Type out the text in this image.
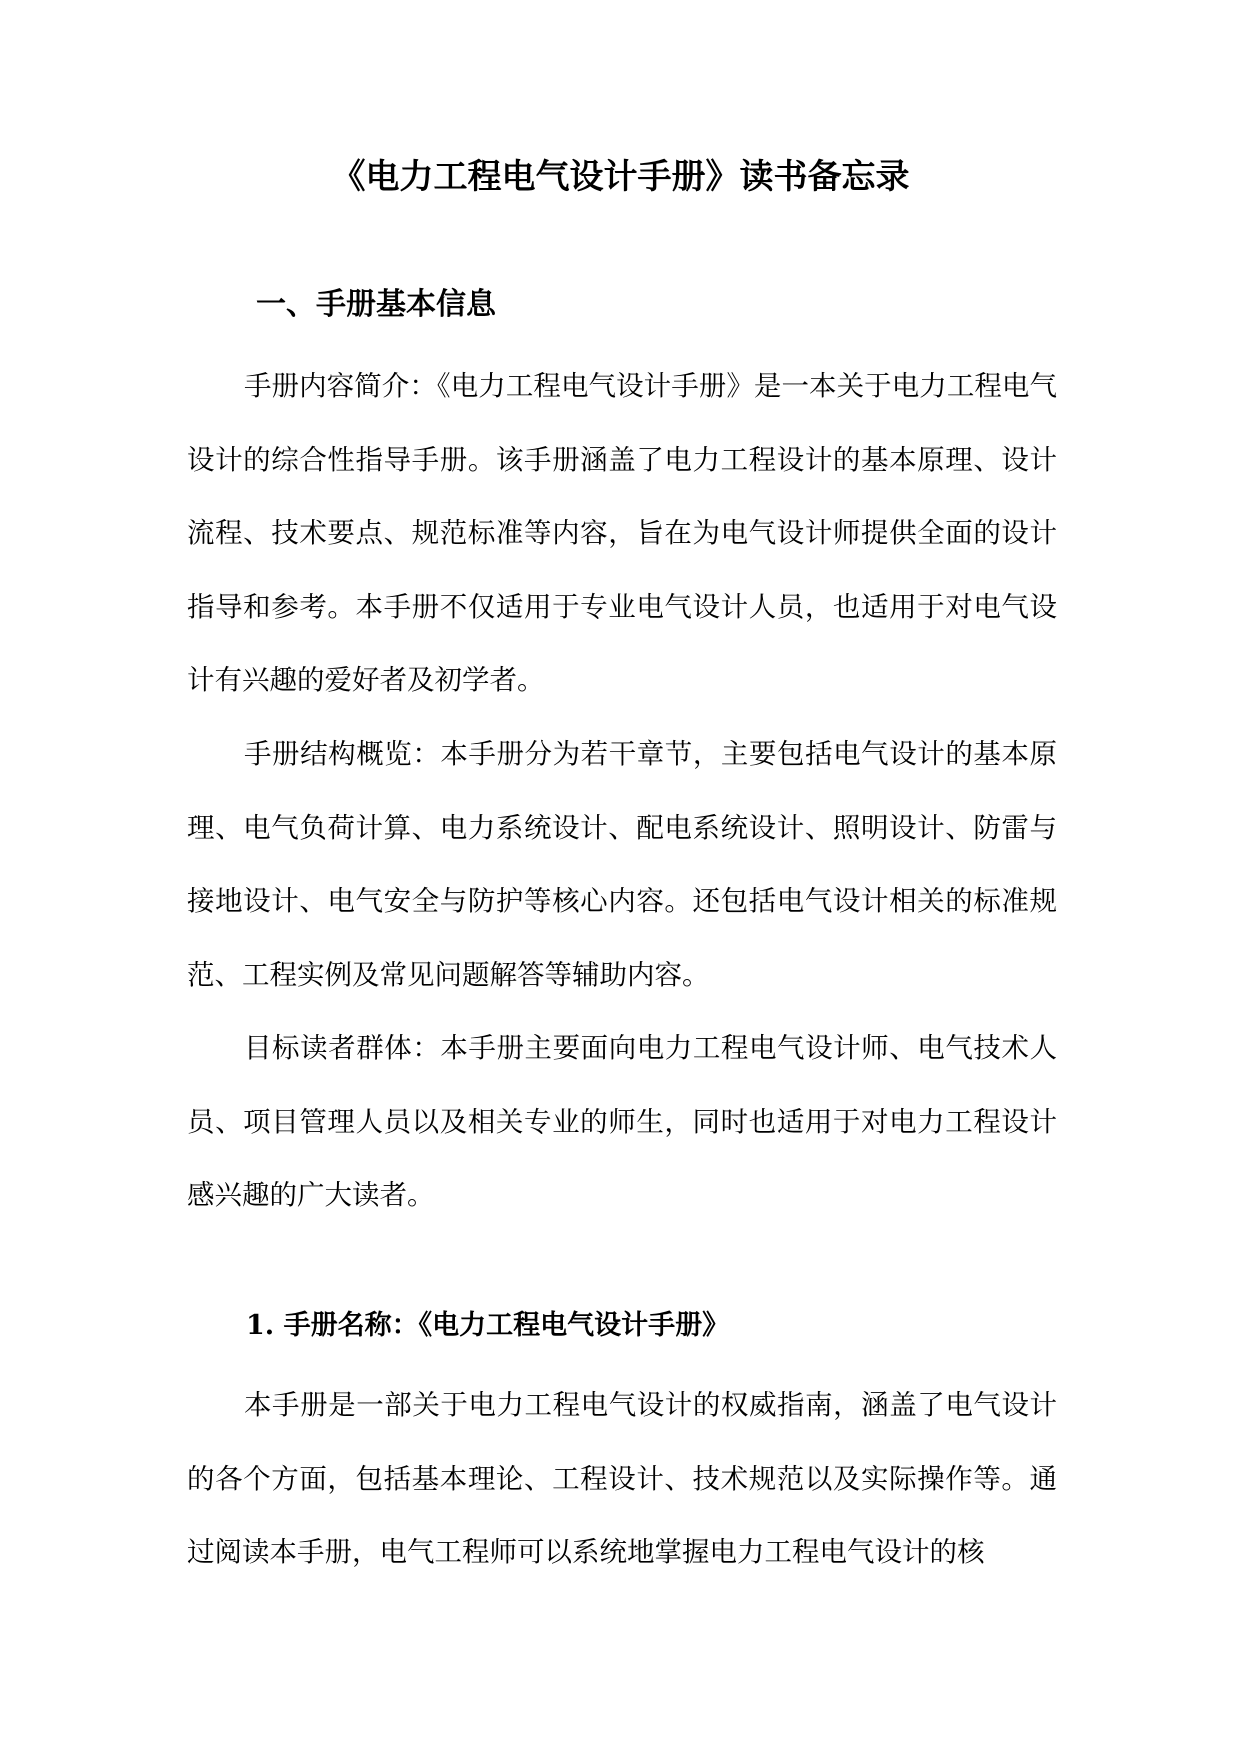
《电力工程电气设计手册》读书备忘录
一、手册基本信息

手册内容简介：《电力工程电气设计手册》是一本关于电力工程电气设计的综合性指导手册。该手册涵盖了电力工程设计的基本原理、设计流程、技术要点、规范标准等内容，旨在为电气设计师提供全面的设计指导和参考。本手册不仅适用于专业电气设计人员，也适用于对电气设计有兴趣的爱好者及初学者。

手册结构概览：本手册分为若干章节，主要包括电气设计的基本原理、电气负荷计算、电力系统设计、配电系统设计、照明设计、防雷与接地设计、电气安全与防护等核心内容。还包括电气设计相关的标准规范、工程实例及常见问题解答等辅助内容。

目标读者群体：本手册主要面向电力工程电气设计师、电气技术人员、项目管理人员以及相关专业的师生，同时也适用于对电力工程设计感兴趣的广大读者。

1. 手册名称：《电力工程电气设计手册》

本手册是一部关于电力工程电气设计的权威指南，涵盖了电气设计的各个方面，包括基本理论、工程设计、技术规范以及实际操作等。通过阅读本手册，电气工程师可以系统地掌握电力工程电气设计的核
